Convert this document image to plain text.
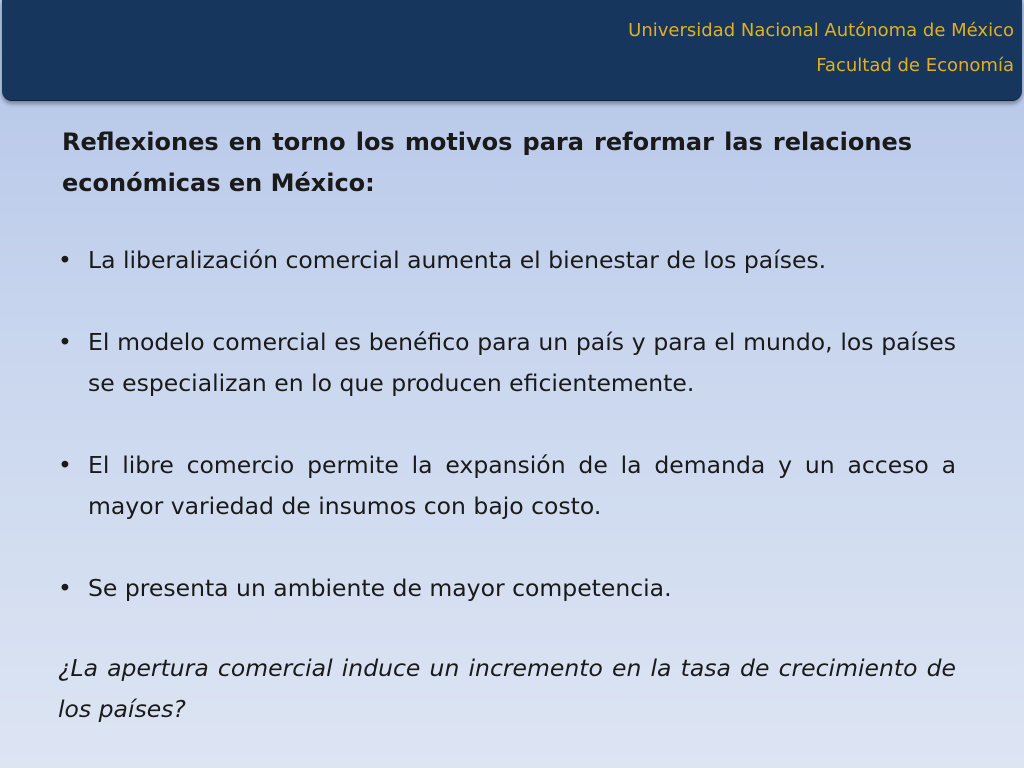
Universidad Nacional Autónoma de México
Facultad de Economía
Reflexiones en torno los motivos para reformar las relaciones económicas en México:
• La liberalización comercial aumenta el bienestar de los países.
• El modelo comercial es benéfico para un país y para el mundo, los países se especializan en lo que producen eficientemente.
• El libre comercio permite la expansión de la demanda y un acceso a mayor variedad de insumos con bajo costo.
• Se presenta un ambiente de mayor competencia.

¿La apertura comercial induce un incremento en la tasa de crecimiento de los países?
